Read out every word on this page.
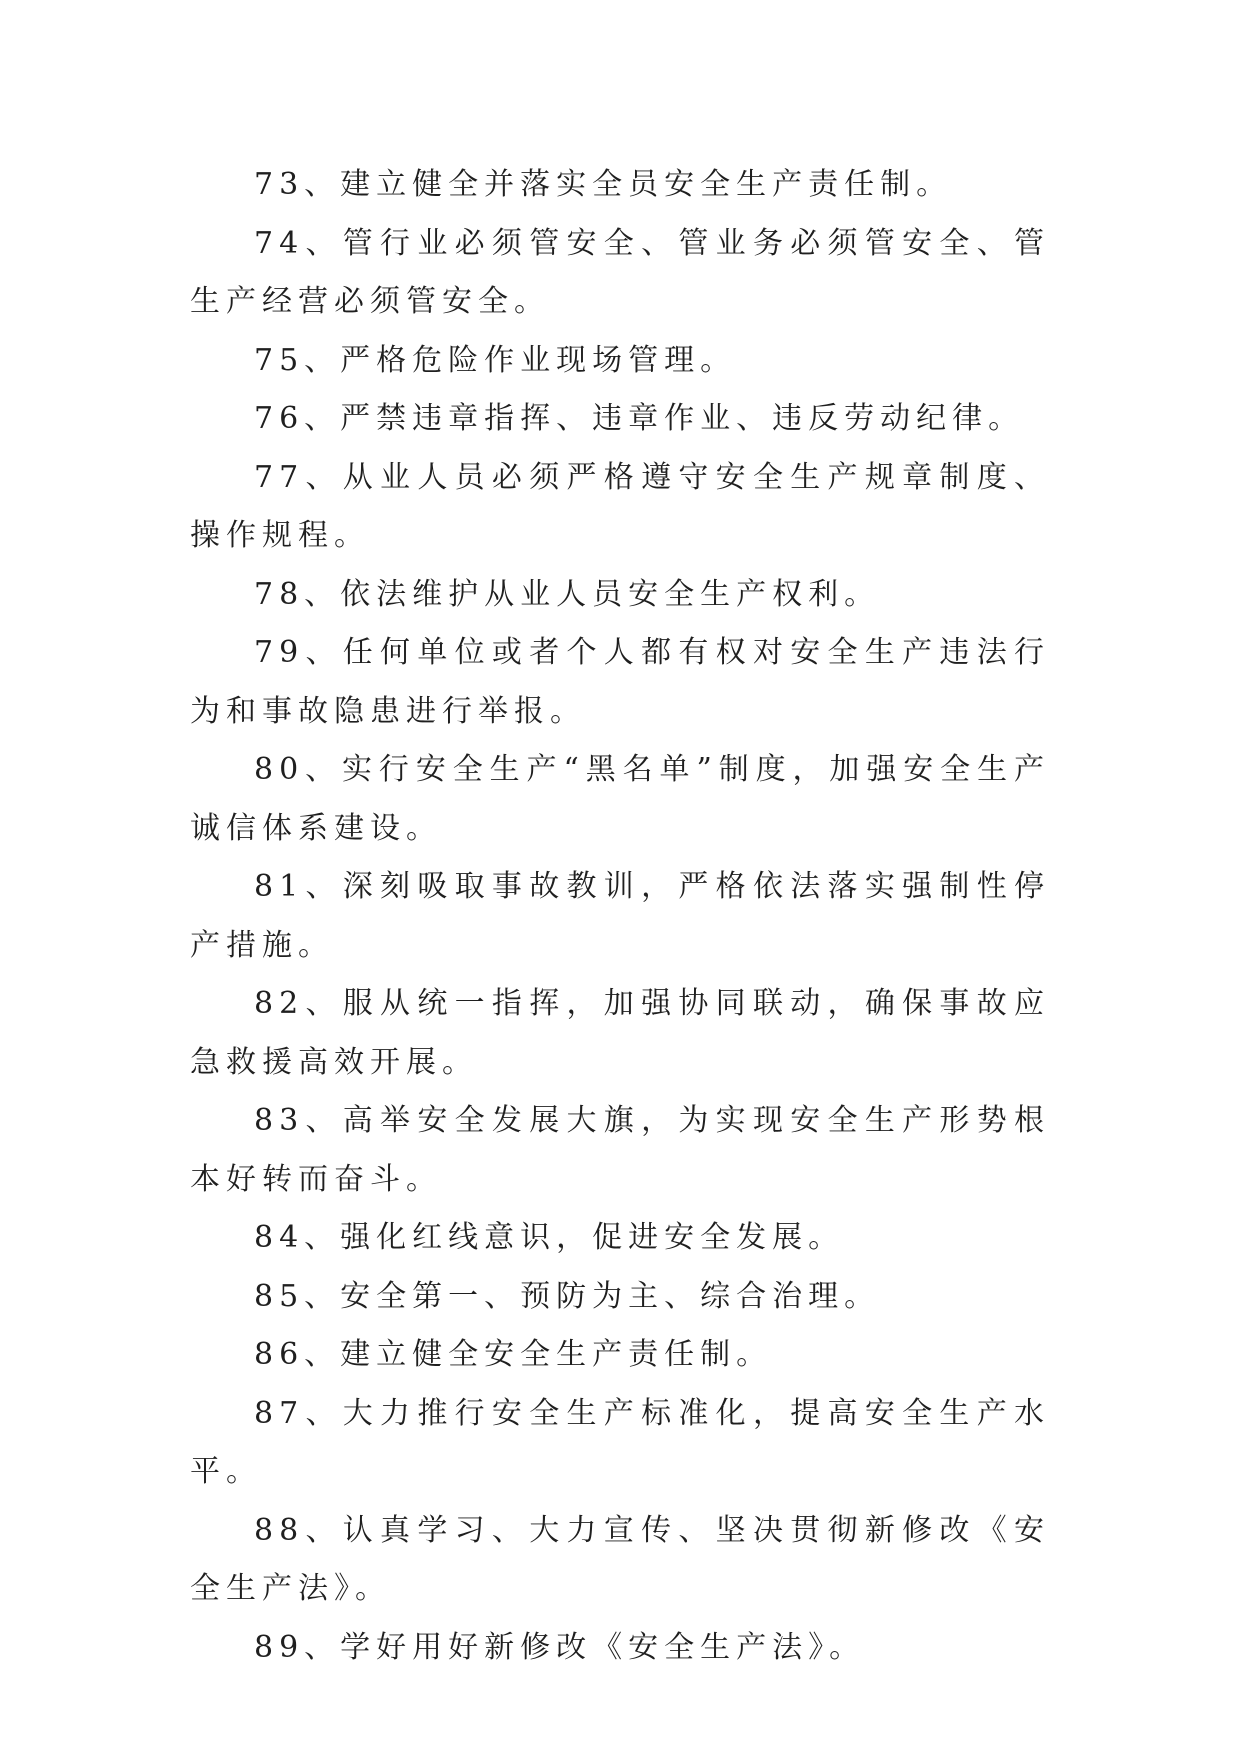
73、建立健全并落实全员安全生产责任制。

74、管行业必须管安全、管业务必须管安全、管生产经营必须管安全。

75、严格危险作业现场管理。

76、严禁违章指挥、违章作业、违反劳动纪律。

77、从业人员必须严格遵守安全生产规章制度、操作规程。

78、依法维护从业人员安全生产权利。

79、任何单位或者个人都有权对安全生产违法行为和事故隐患进行举报。

80、实行安全生产“黑名单”制度，加强安全生产诚信体系建设。

81、深刻吸取事故教训，严格依法落实强制性停产措施。

82、服从统一指挥，加强协同联动，确保事故应急救援高效开展。

83、高举安全发展大旗，为实现安全生产形势根本好转而奋斗。

84、强化红线意识，促进安全发展。

85、安全第一、预防为主、综合治理。

86、建立健全安全生产责任制。

87、大力推行安全生产标准化，提高安全生产水平。

88、认真学习、大力宣传、坚决贯彻新修改《安全生产法》。

89、学好用好新修改《安全生产法》。
